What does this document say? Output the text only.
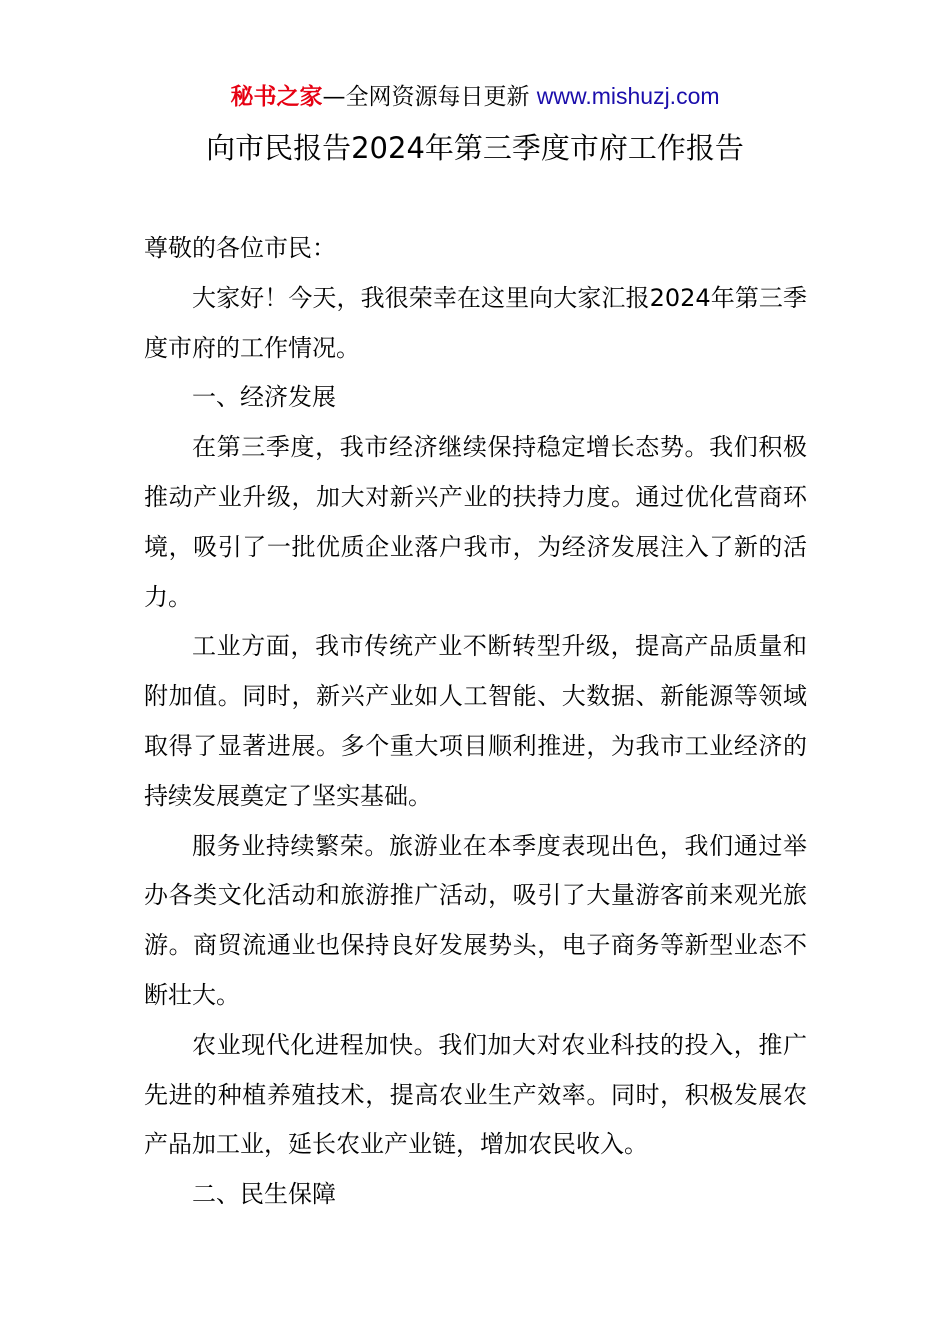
秘书之家—全网资源每日更新 www.mishuzj.com
向市民报告2024年第三季度市府工作报告

尊敬的各位市民：

大家好！今天，我很荣幸在这里向大家汇报2024年第三季度市府的工作情况。

一、经济发展

在第三季度，我市经济继续保持稳定增长态势。我们积极推动产业升级，加大对新兴产业的扶持力度。通过优化营商环境，吸引了一批优质企业落户我市，为经济发展注入了新的活力。

工业方面，我市传统产业不断转型升级，提高产品质量和附加值。同时，新兴产业如人工智能、大数据、新能源等领域取得了显著进展。多个重大项目顺利推进，为我市工业经济的持续发展奠定了坚实基础。

服务业持续繁荣。旅游业在本季度表现出色，我们通过举办各类文化活动和旅游推广活动，吸引了大量游客前来观光旅游。商贸流通业也保持良好发展势头，电子商务等新型业态不断壮大。

农业现代化进程加快。我们加大对农业科技的投入，推广先进的种植养殖技术，提高农业生产效率。同时，积极发展农产品加工业，延长农业产业链，增加农民收入。

二、民生保障
